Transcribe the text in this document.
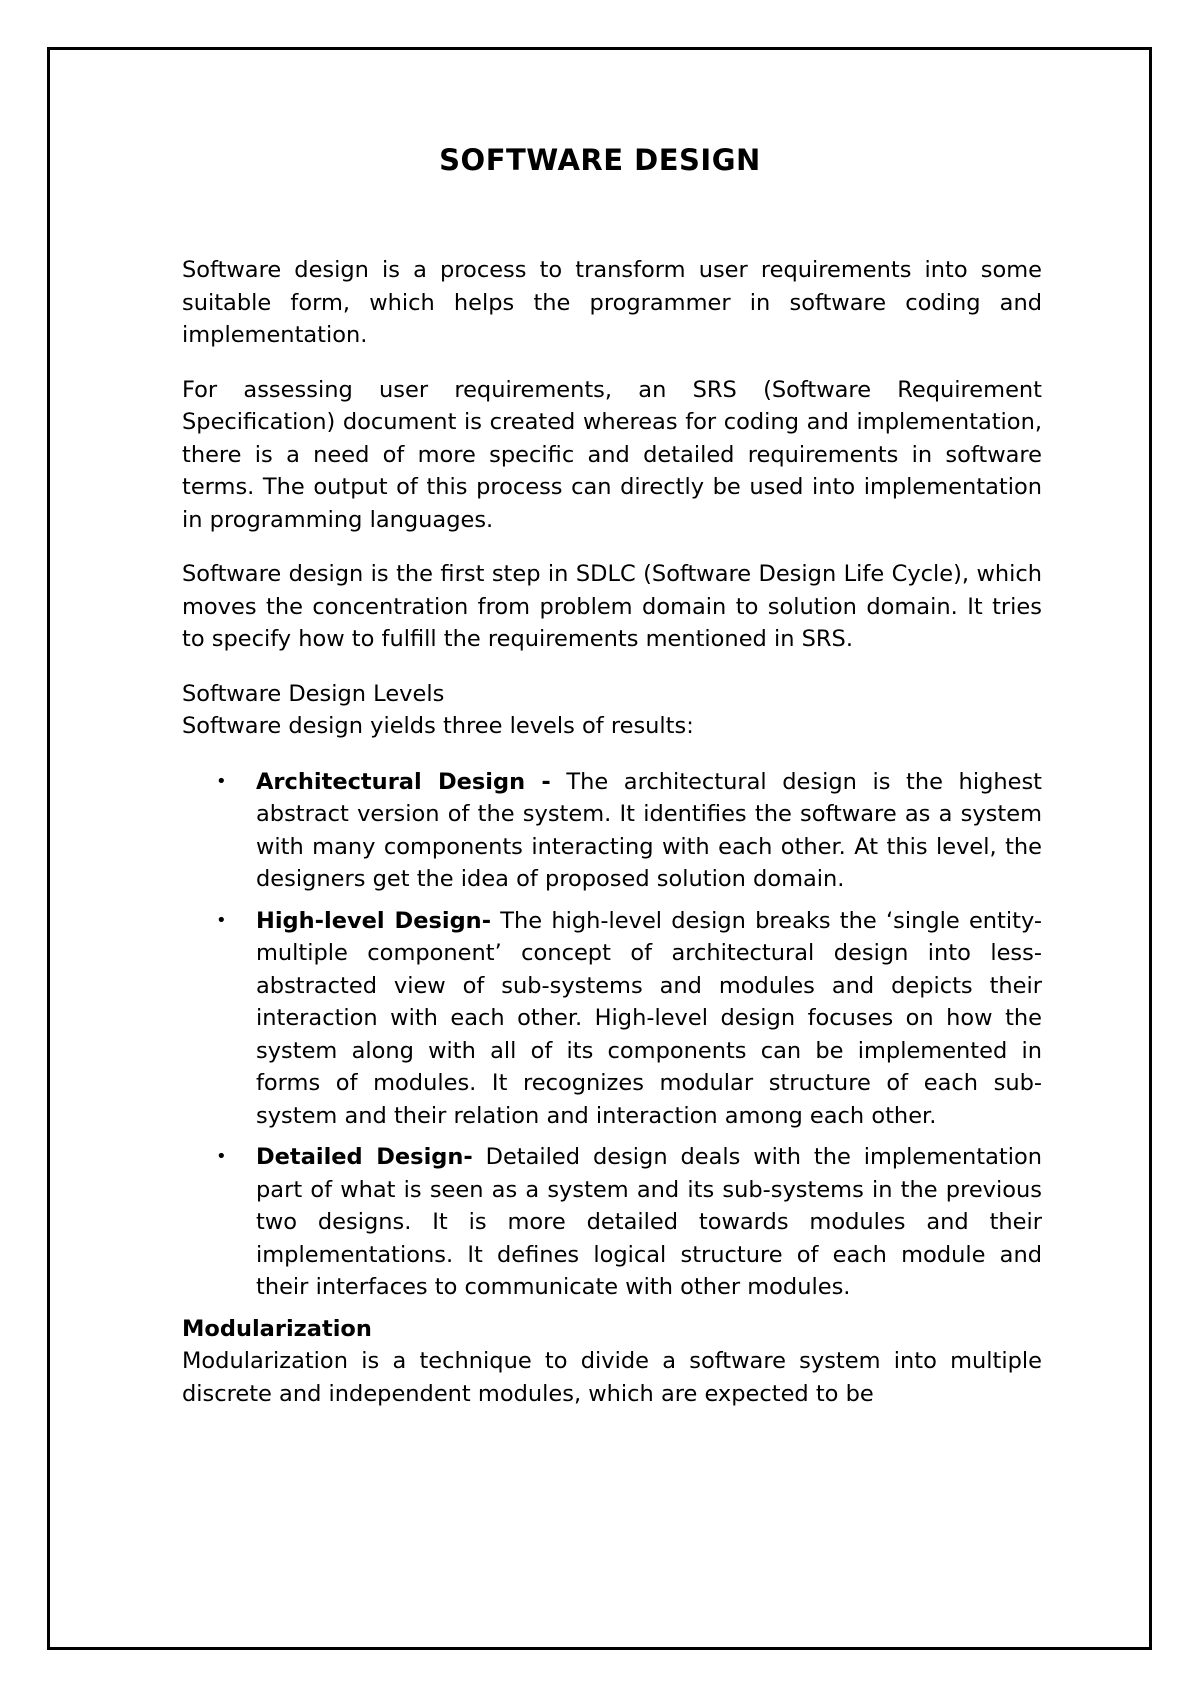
SOFTWARE DESIGN

Software design is a process to transform user requirements into some suitable form, which helps the programmer in software coding and implementation.

For assessing user requirements, an SRS (Software Requirement Specification) document is created whereas for coding and implementation, there is a need of more specific and detailed requirements in software terms. The output of this process can directly be used into implementation in programming languages.

Software design is the first step in SDLC (Software Design Life Cycle), which moves the concentration from problem domain to solution domain. It tries to specify how to fulfill the requirements mentioned in SRS.

Software Design Levels

Software design yields three levels of results:

• Architectural Design - The architectural design is the highest abstract version of the system. It identifies the software as a system with many components interacting with each other. At this level, the designers get the idea of proposed solution domain.
• High-level Design- The high-level design breaks the ‘single entity-multiple component’ concept of architectural design into less-abstracted view of sub-systems and modules and depicts their interaction with each other. High-level design focuses on how the system along with all of its components can be implemented in forms of modules. It recognizes modular structure of each sub-system and their relation and interaction among each other.
• Detailed Design- Detailed design deals with the implementation part of what is seen as a system and its sub-systems in the previous two designs. It is more detailed towards modules and their implementations. It defines logical structure of each module and their interfaces to communicate with other modules.

Modularization

Modularization is a technique to divide a software system into multiple discrete and independent modules, which are expected to be
